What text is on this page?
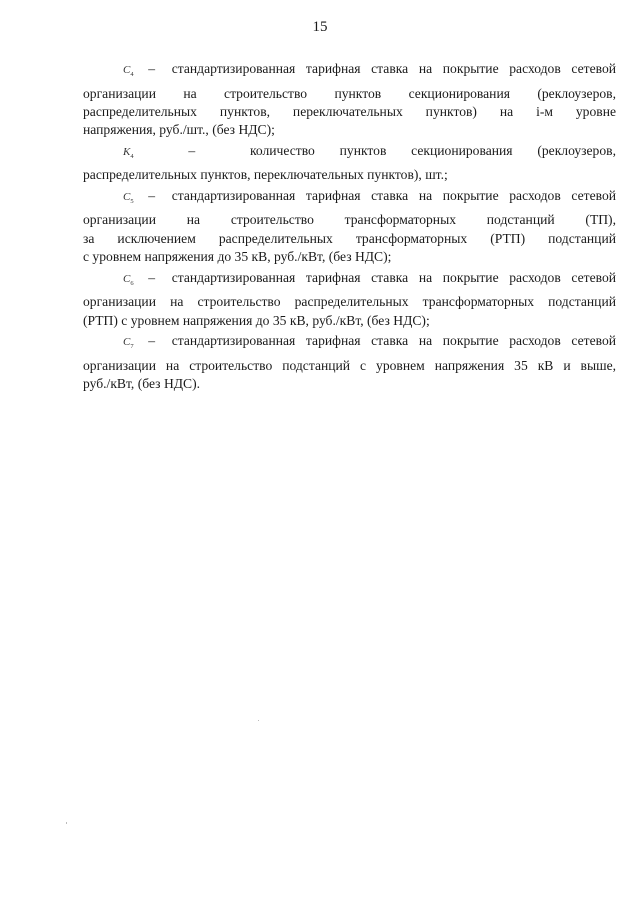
15
$C_4$ – стандартизированная тарифная ставка на покрытие расходов сетевой
организации на строительство пунктов секционирования (реклоузеров,
распределительных пунктов, переключательных пунктов) на i-м уровне
напряжения, руб./шт., (без НДС);
$K_4$	–	количество пунктов секционирования (реклоузеров,
распределительных пунктов, переключательных пунктов), шт.;
$C_5$ – стандартизированная тарифная ставка на покрытие расходов сетевой
организации на строительство трансформаторных подстанций (ТП),
за исключением распределительных трансформаторных (РТП) подстанций
с уровнем напряжения до 35 кВ, руб./кВт, (без НДС);
$C_6$ – стандартизированная тарифная ставка на покрытие расходов сетевой
организации на строительство распределительных трансформаторных подстанций
(РТП) с уровнем напряжения до 35 кВ, руб./кВт, (без НДС);
$C_7$ – стандартизированная тарифная ставка на покрытие расходов сетевой
организации на строительство подстанций с уровнем напряжения 35 кВ и выше,
руб./кВт, (без НДС).
